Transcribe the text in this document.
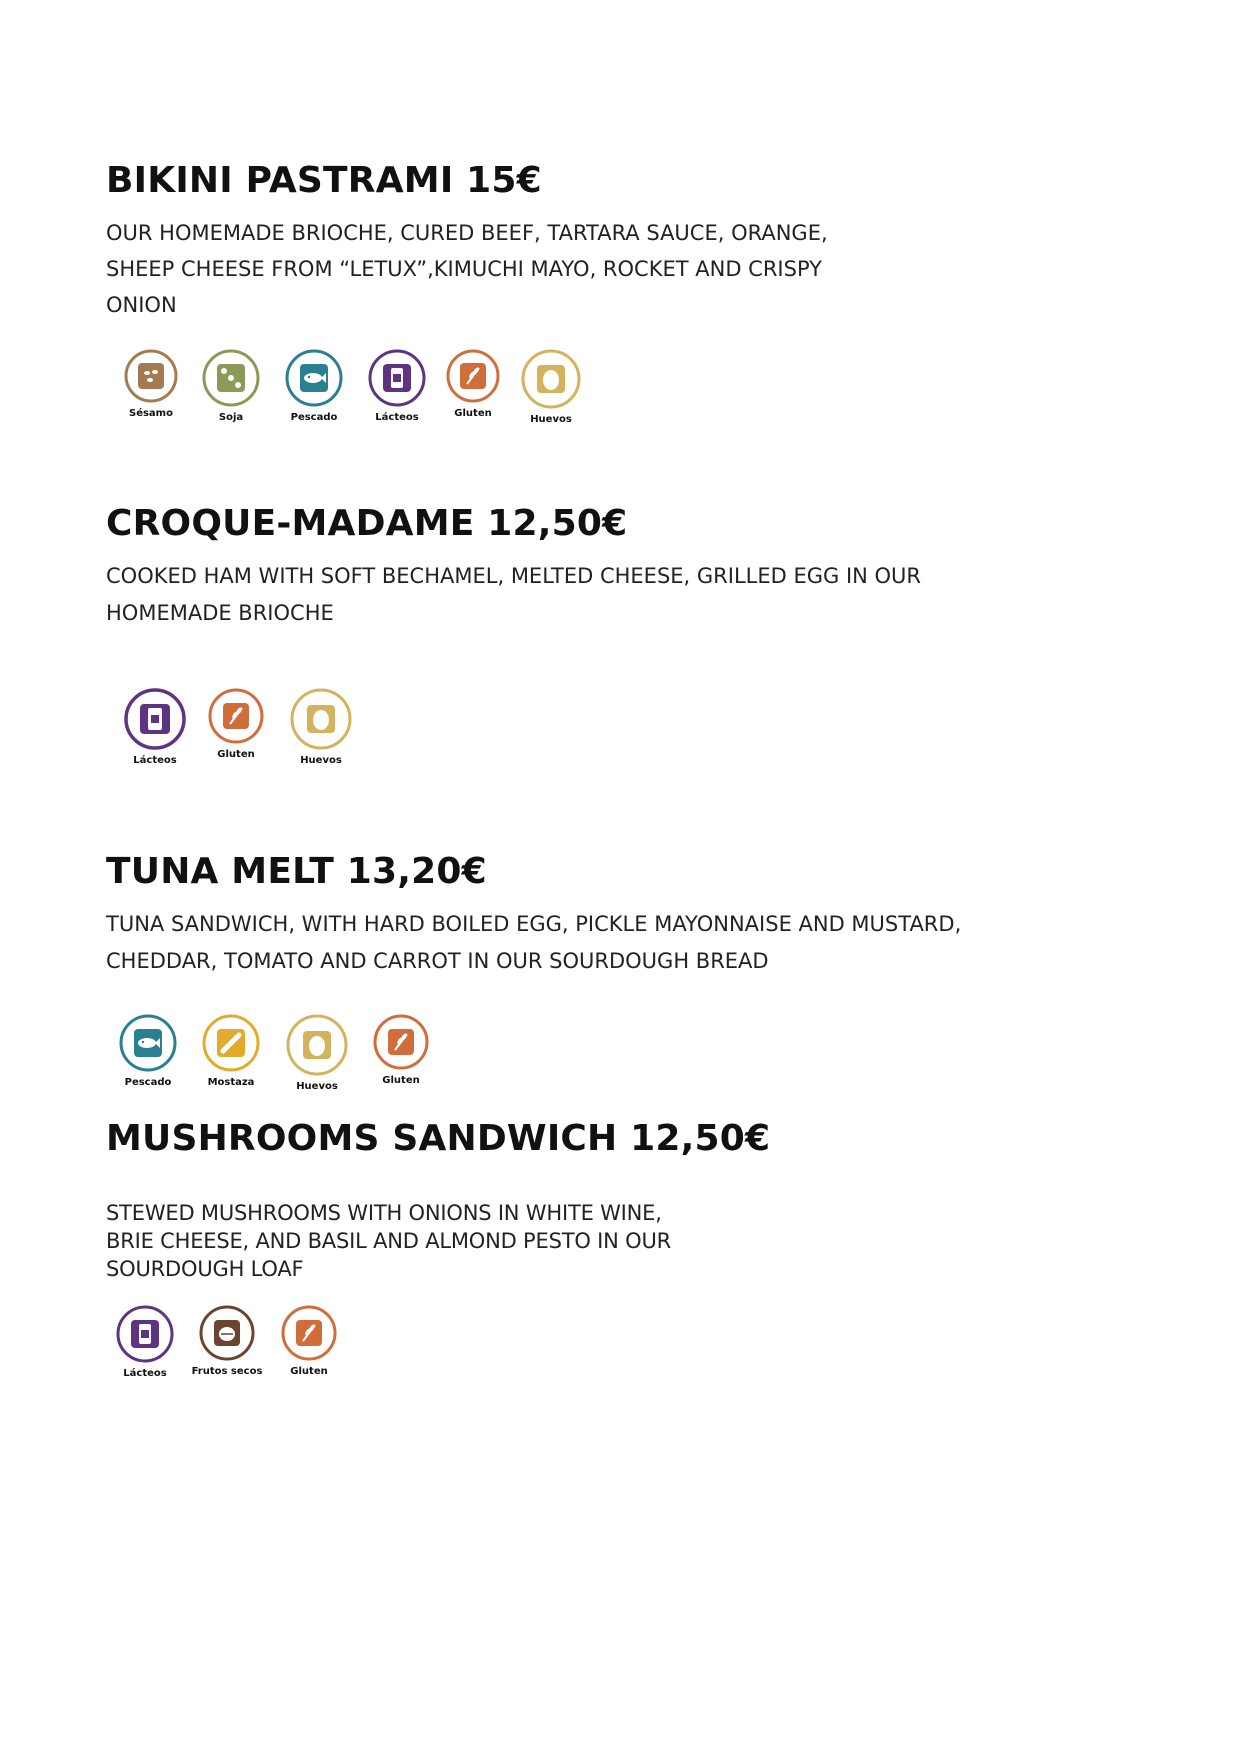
BIKINI PASTRAMI 15€

OUR HOMEMADE BRIOCHE, CURED BEEF, TARTARA SAUCE, ORANGE,
SHEEP CHEESE FROM “LETUX”,KIMUCHI MAYO, ROCKET AND CRISPY
ONION

Sésamo	Soja	Pescado	Lácteos	Gluten
Huevos
CROQUE-MADAME 12,50€

COOKED HAM WITH SOFT BECHAMEL, MELTED CHEESE, GRILLED EGG IN OUR
HOMEMADE BRIOCHE

Lácteos
Gluten
Huevos
TUNA MELT 13,20€

TUNA SANDWICH, WITH HARD BOILED EGG, PICKLE MAYONNAISE AND MUSTARD,
CHEDDAR, TOMATO AND CARROT IN OUR SOURDOUGH BREAD

Pescado	Mostaza	Huevos
Gluten
MUSHROOMS SANDWICH 12,50€

STEWED MUSHROOMS WITH ONIONS IN WHITE WINE,
BRIE CHEESE, AND BASIL AND ALMOND PESTO IN OUR
SOURDOUGH LOAF

Lácteos	Frutos secos	Gluten
